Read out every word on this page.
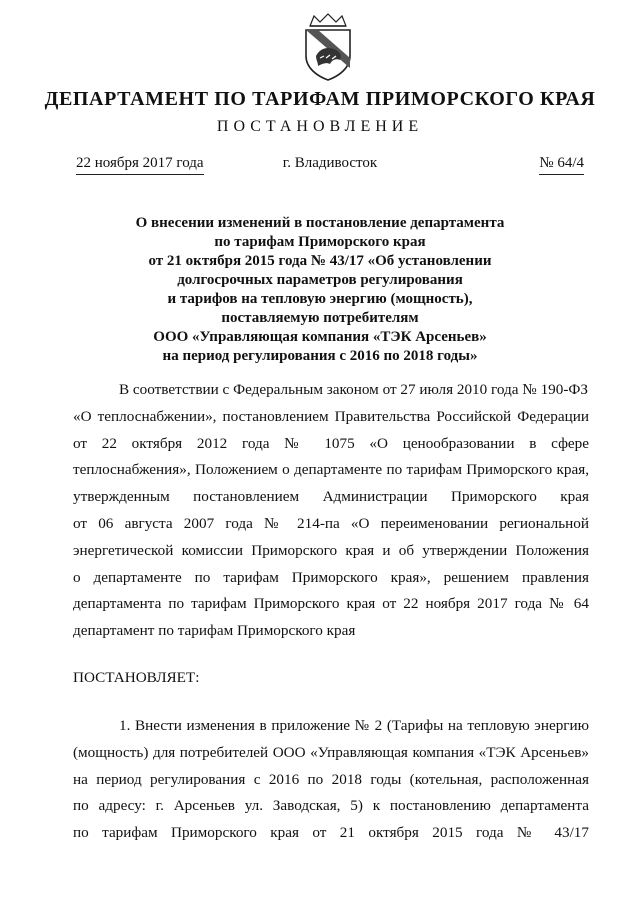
ДЕПАРТАМЕНТ ПО ТАРИФАМ ПРИМОРСКОГО КРАЯ
ПОСТАНОВЛЕНИЕ
22 ноября 2017 года	г. Владивосток	№ 64/4
О внесении изменений в постановление департамента
по тарифам Приморского края
от 21 октября 2015 года № 43/17 «Об установлении
долгосрочных параметров регулирования
и тарифов на тепловую энергию (мощность),
поставляемую потребителям
ООО «Управляющая компания «ТЭК Арсеньев»
на период регулирования с 2016 по 2018 годы»
В соответствии с Федеральным законом от 27 июля 2010 года № 190-ФЗ
«О теплоснабжении», постановлением Правительства Российской Федерации
от 22 октября 2012 года № 1075 «О ценообразовании в сфере
теплоснабжения», Положением о департаменте по тарифам Приморского края,
утвержденным постановлением Администрации Приморского края
от 06 августа 2007 года № 214-па «О переименовании региональной
энергетической комиссии Приморского края и об утверждении Положения
о департаменте по тарифам Приморского края», решением правления
департамента по тарифам Приморского края от 22 ноября 2017 года № 64
департамент по тарифам Приморского края
ПОСТАНОВЛЯЕТ:
1. Внести изменения в приложение № 2 (Тарифы на тепловую энергию
(мощность) для потребителей ООО «Управляющая компания «ТЭК Арсеньев»
на период регулирования с 2016 по 2018 годы (котельная, расположенная
по адресу: г. Арсеньев ул. Заводская, 5) к постановлению департамента
по тарифам Приморского края от 21 октября 2015 года № 43/17
